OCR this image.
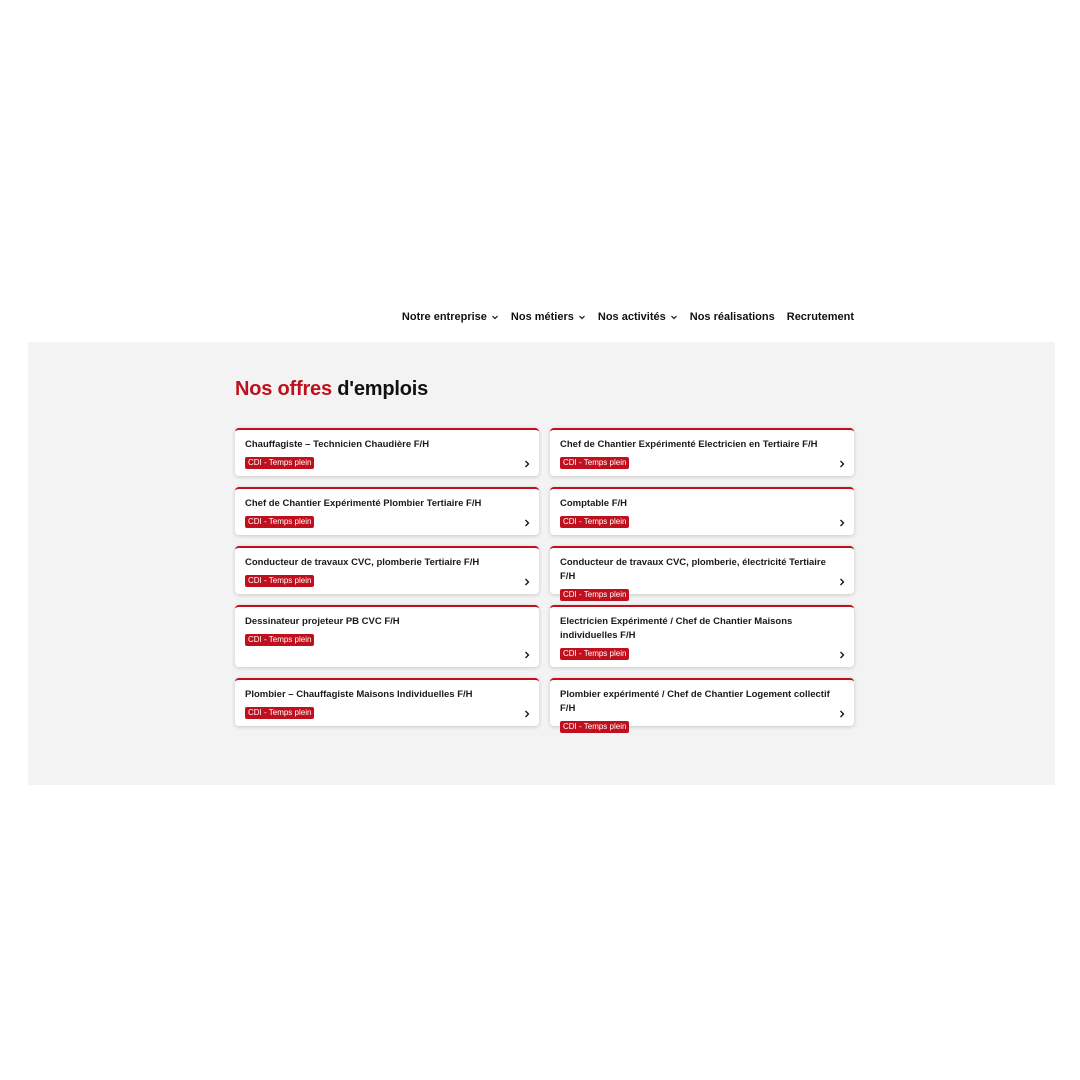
Notre entreprise Nos métiers Nos activités Nos réalisations Recrutement
Nos offres d'emplois
Chauffagiste – Technicien Chaudière F/H
CDI - Temps plein
Chef de Chantier Expérimenté Electricien en Tertiaire F/H
CDI - Temps plein
Chef de Chantier Expérimenté Plombier Tertiaire F/H
CDI - Temps plein
Comptable F/H
CDI - Temps plein
Conducteur de travaux CVC, plomberie Tertiaire F/H
CDI - Temps plein
Conducteur de travaux CVC, plomberie, électricité Tertiaire F/H
CDI - Temps plein
Dessinateur projeteur PB CVC F/H
CDI - Temps plein
Electricien Expérimenté / Chef de Chantier Maisons individuelles F/H
CDI - Temps plein
Plombier – Chauffagiste Maisons Individuelles F/H
CDI - Temps plein
Plombier expérimenté / Chef de Chantier Logement collectif F/H
CDI - Temps plein
